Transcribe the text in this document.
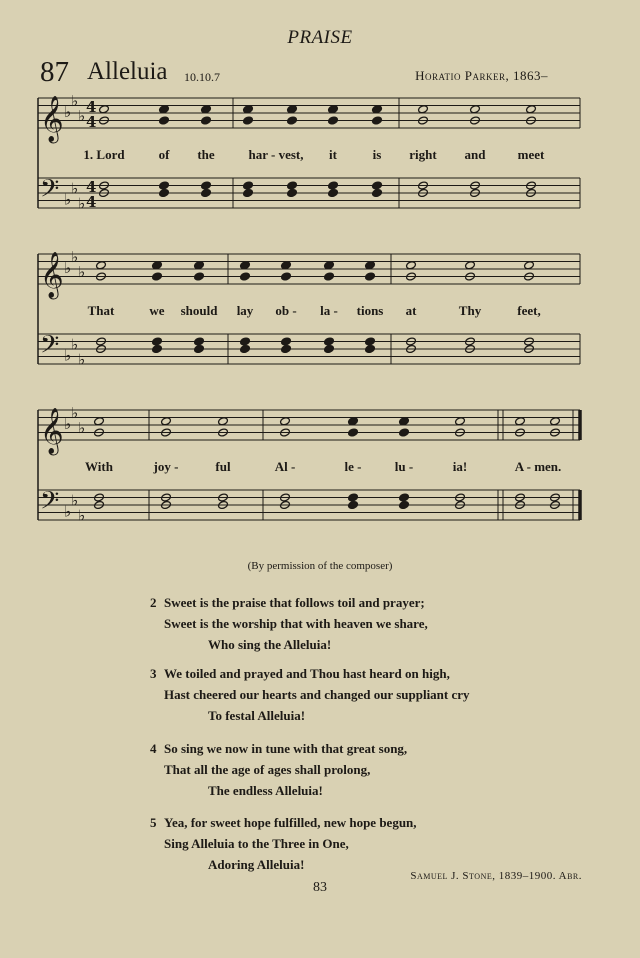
PRAISE
87 Alleluia 10.10.7	Horatio Parker, 1863–
𝄞 ♭
♭
♭ 4
4
𝄢 ♭
♭
♭
4
4
𝄞 ♭
♭
♭
𝄢 ♭
♭
♭
𝄞 ♭
♭
♭
𝄢 ♭
♭
♭
1. Lord	of the	har - vest, it	is right and meet
That	we should lay ob - la - tions at	Thy	feet,
With	joy -	ful	Al -	le -	lu -	ia!	A - men.
(By permission of the composer)
2 Sweet is the praise that follows toil and prayer;
Sweet is the worship that with heaven we share,
Who sing the Alleluia!
3 We toiled and prayed and Thou hast heard on high,
Hast cheered our hearts and changed our suppliant cry
To festal Alleluia!
4 So sing we now in tune with that great song,
That all the age of ages shall prolong,
The endless Alleluia!
5 Yea, for sweet hope fulfilled, new hope begun,
Sing Alleluia to the Three in One,
Adoring Alleluia!
Samuel J. Stone, 1839–1900. Abr.
83
